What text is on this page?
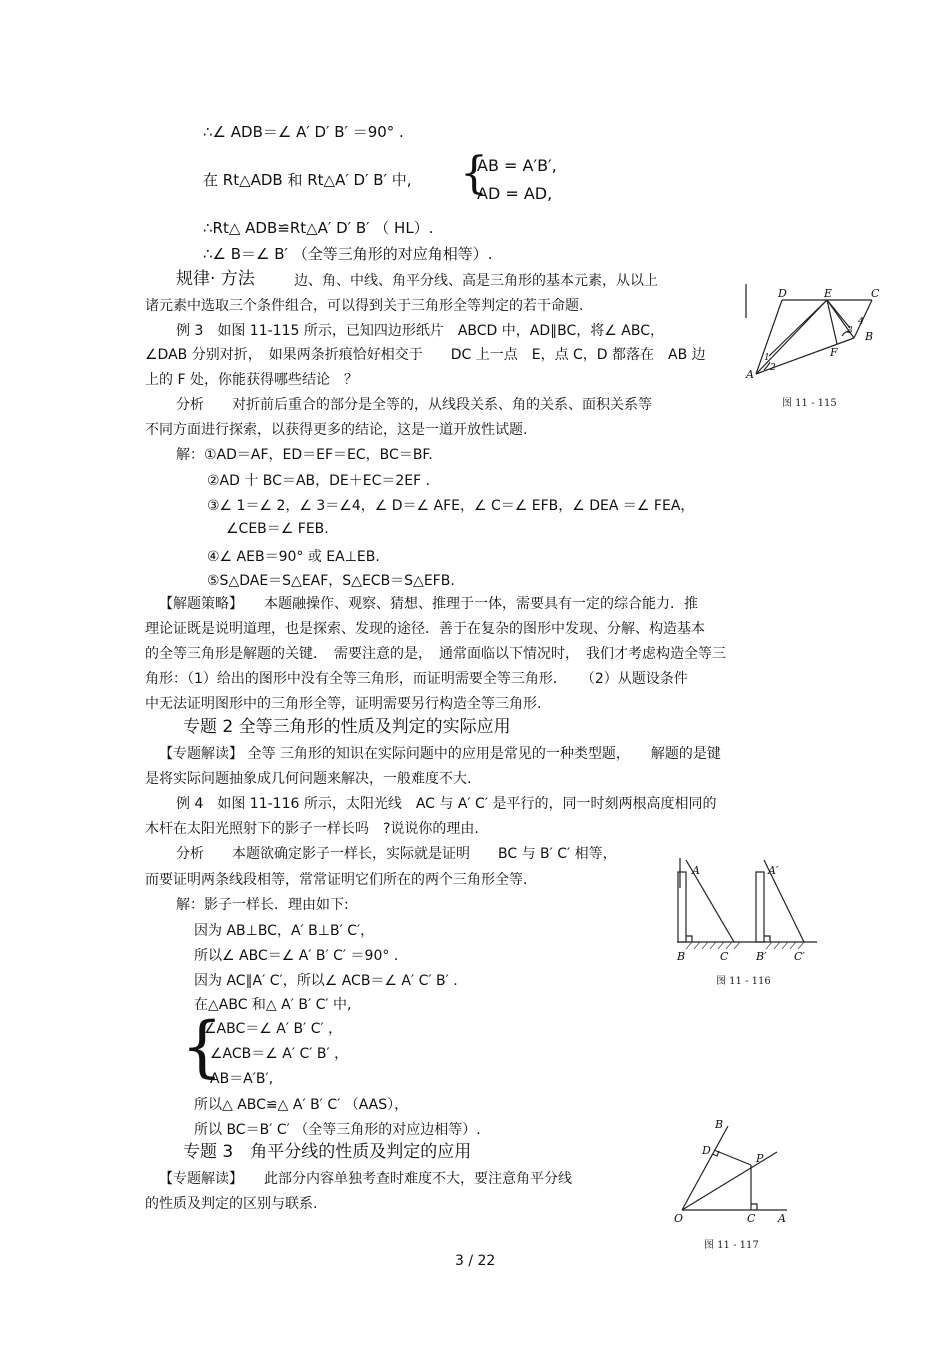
∴∠ ADB＝∠ A′ D′ B′ ＝90° .
在 Rt△ADB 和 Rt△A′ D′ B′ 中, {
AB = A′B′,
AD = AD,
∴Rt△ ADB≌Rt△A′ D′ B′ （ HL）.
∴∠ B＝∠ B′ （全等三角形的对应角相等）.
规律· 方法	边、角、中线、角平分线、高是三角形的基本元素，从以上
诸元素中选取三个条件组合，可以得到关于三角形全等判定的若干命题.
例 3　如图 11-115 所示，已知四边形纸片　ABCD 中，AD∥BC，将∠ ABC，
∠DAB 分别对折，　如果两条折痕恰好相交于　　DC 上一点　E，点 C，D 都落在　AB 边
上的 F 处，你能获得哪些结论　？
分析　　对折前后重合的部分是全等的，从线段关系、角的关系、面积关系等
不同方面进行探索，以获得更多的结论，这是一道开放性试题.
解：①AD＝AF，ED＝EF＝EC，BC＝BF.
②AD 十 BC＝AB，DE＋EC＝2EF .
③∠ 1＝∠ 2，∠ 3＝∠4，∠ D＝∠ AFE，∠ C＝∠ EFB，∠ DEA ＝∠ FEA，
∠CEB＝∠ FEB.
④∠ AEB＝90° 或 EA⊥EB.
⑤S△DAE＝S△EAF，S△ECB＝S△EFB.
【解题策略】　　本题融操作、观察、猜想、推理于一体，需要具有一定的综合能力．推
理论证既是说明道理，也是探索、发现的途径．善于在复杂的图形中发现、分解、构造基本
的全等三角形是解题的关键．　需要注意的是，　通常面临以下情况时，　我们才考虑构造全等三
角形：（1）给出的图形中没有全等三角形，而证明需要全等三角形．　　（2）从题设条件
中无法证明图形中的三角形全等，证明需要另行构造全等三角形.
专题 2 全等三角形的性质及判定的实际应用
【专题解读】 全等 三角形的知识在实际问题中的应用是常见的一种类型题，　　解题的是键
是将实际问题抽象成几何问题来解决，一般难度不大.
例 4　如图 11-116 所示，太阳光线　AC 与 A′ C′ 是平行的，同一时刻两根高度相同的
木杆在太阳光照射下的影子一样长吗　?说说你的理由.
分析　　本题欲确定影子一样长，实际就是证明　　BC 与 B′ C′ 相等，
而要证明两条线段相等，常常证明它们所在的两个三角形全等.
解：影子一样长．理由如下:
因为 AB⊥BC，A′ B⊥B′ C′，
所以∠ ABC＝∠ A′ B′ C′ ＝90° .
因为 AC∥A′ C′，所以∠ ACB＝∠ A′ C′ B′ .
在△ABC 和△ A′ B′ C′ 中,
{
∠ABC＝∠ A′ B′ C′ ，
∠ACB＝∠ A′ C′ B′ ，
AB＝A′B′,
所以△ ABC≌△ A′ B′ C′ （AAS），
所以 BC＝B′ C′ （全等三角形的对应边相等）.
专题 3　角平分线的性质及判定的应用
【专题解读】　　此部分内容单独考查时难度不大，要注意角平分线
的性质及判定的区别与联系.
D	E	C
B
F
A
1
2
3
4
图 11 - 115
A	A′
B	C	B′ C′
图 11 - 116
B
D
P
O	C A
图 11 - 117
3 / 22
